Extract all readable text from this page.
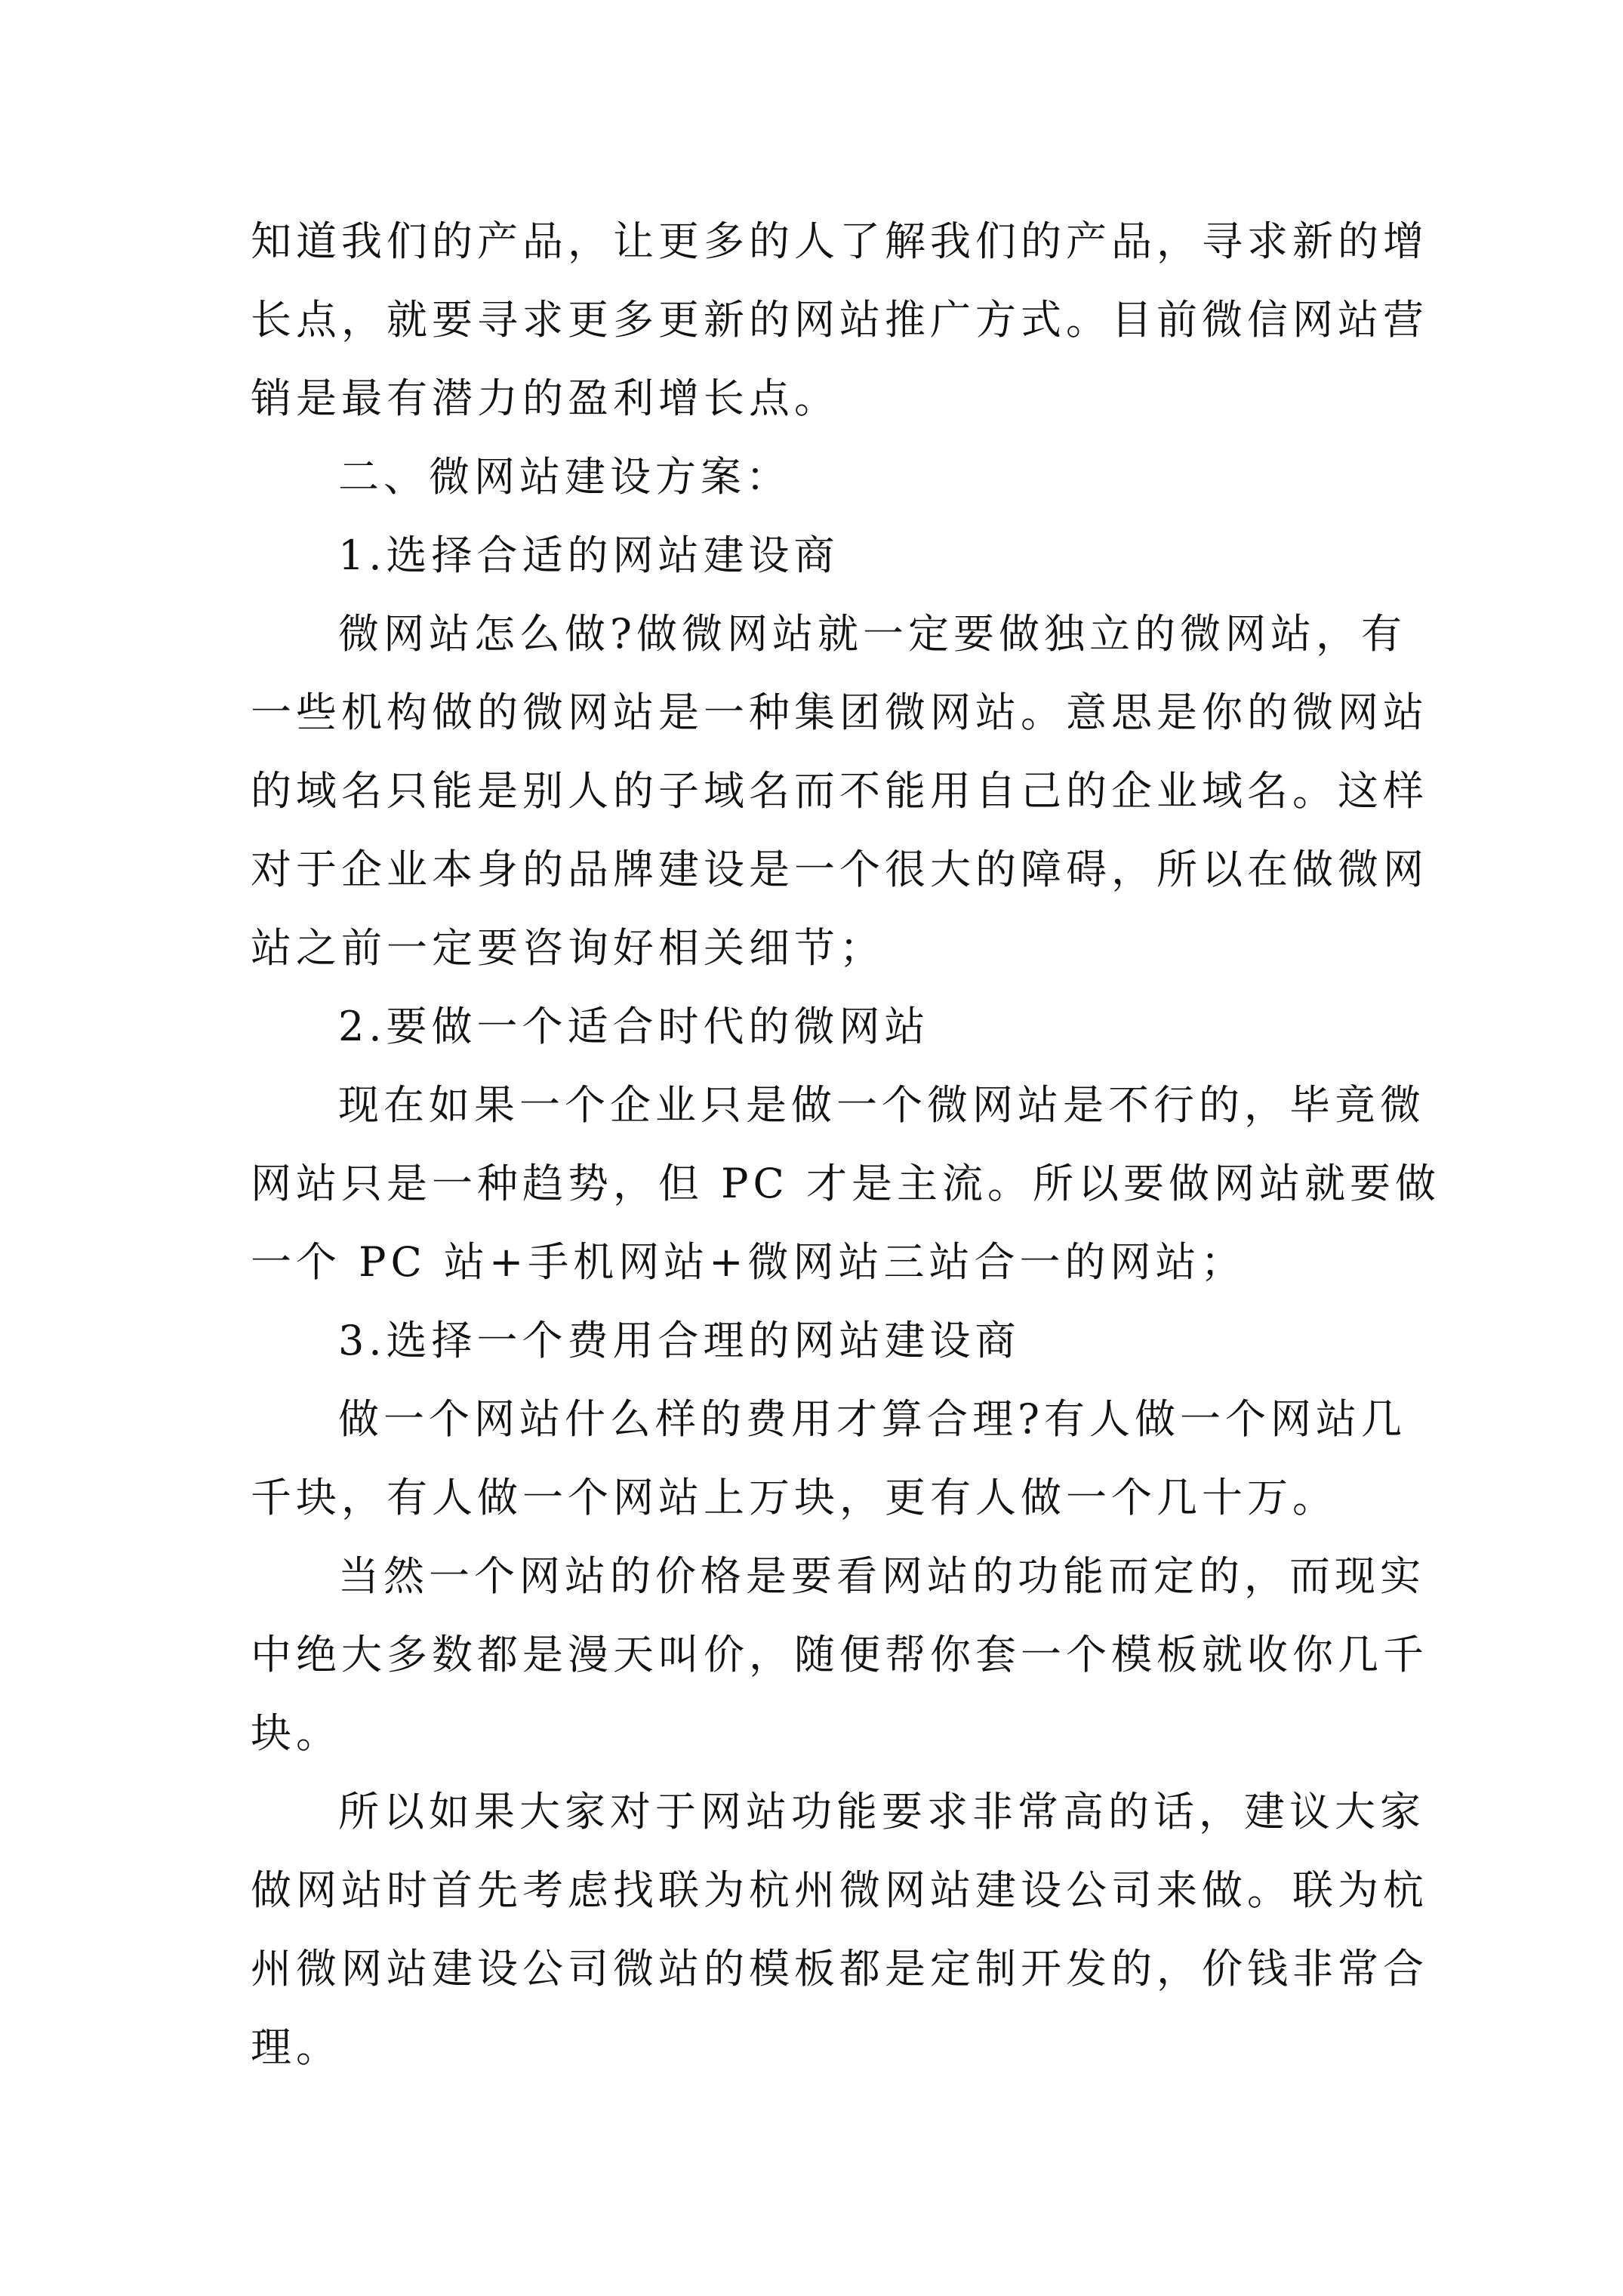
知道我们的产品，让更多的人了解我们的产品，寻求新的增
长点，就要寻求更多更新的网站推广方式。目前微信网站营
销是最有潜力的盈利增长点。
二、微网站建设方案：
1.选择合适的网站建设商
微网站怎么做?做微网站就一定要做独立的微网站，有
一些机构做的微网站是一种集团微网站。意思是你的微网站
的域名只能是别人的子域名而不能用自己的企业域名。这样
对于企业本身的品牌建设是一个很大的障碍，所以在做微网
站之前一定要咨询好相关细节；
2.要做一个适合时代的微网站
现在如果一个企业只是做一个微网站是不行的，毕竟微
网站只是一种趋势，但 PC 才是主流。所以要做网站就要做
一个 PC 站+手机网站+微网站三站合一的网站；
3.选择一个费用合理的网站建设商
做一个网站什么样的费用才算合理?有人做一个网站几
千块，有人做一个网站上万块，更有人做一个几十万。
当然一个网站的价格是要看网站的功能而定的，而现实
中绝大多数都是漫天叫价，随便帮你套一个模板就收你几千
块。
所以如果大家对于网站功能要求非常高的话，建议大家
做网站时首先考虑找联为杭州微网站建设公司来做。联为杭
州微网站建设公司微站的模板都是定制开发的，价钱非常合
理。
